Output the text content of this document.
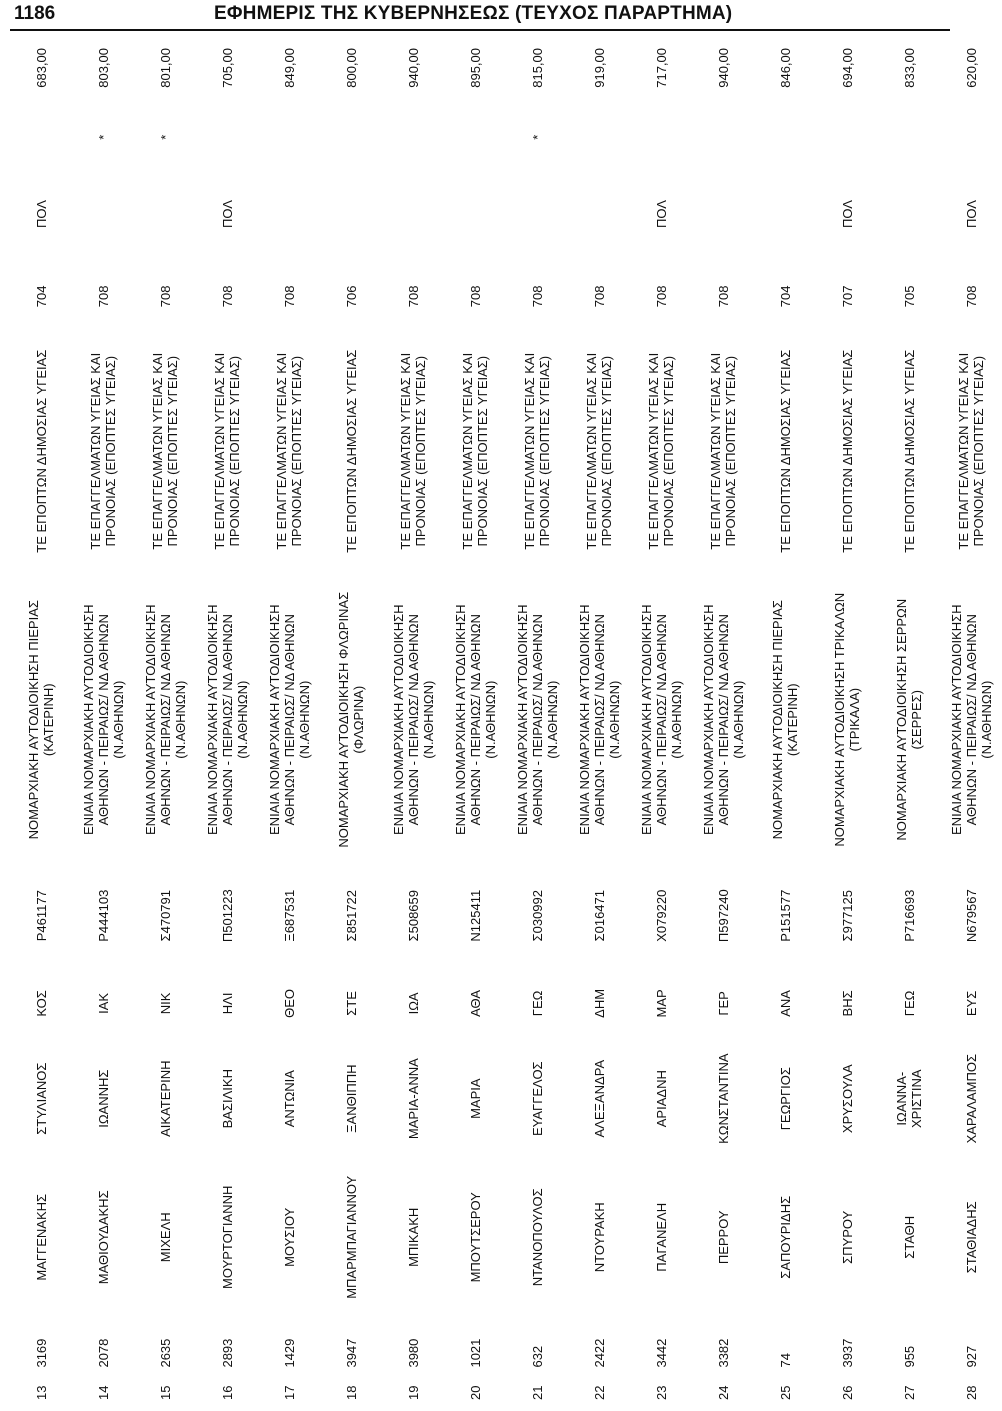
1186	ΕΦΗΜΕΡΙΣ ΤΗΣ ΚΥΒΕΡΝΗΣΕΩΣ (ΤΕΥΧΟΣ ΠΑΡΑΡΤΗΜΑ)
13	3169	ΜΑΓΓΕΝΑΚΗΣ	ΣΤΥΛΙΑΝΟΣ	ΚΟΣ	Ρ461177	ΝΟΜΑΡΧΙΑΚΗ ΑΥΤΟΔΙΟΙΚΗΣΗ ΠΙΕΡΙΑΣ (ΚΑΤΕΡΙΝΗ)	ΤΕ ΕΠΟΠΤΩΝ ΔΗΜΟΣΙΑΣ ΥΓΕΙΑΣ	704	ΠΟΛ		683,00
14	2078	ΜΑΘΙΟΥΔΑΚΗΣ	ΙΩΑΝΝΗΣ	ΙΑΚ	Ρ444103	ΕΝΙΑΙΑ ΝΟΜΑΡΧΙΑΚΗ ΑΥΤΟΔΙΟΙΚΗΣΗ ΑΘΗΝΩΝ - ΠΕΙΡΑΙΩΣ/ ΝΔ ΑΘΗΝΩΝ (Ν.ΑΘΗΝΩΝ)	ΤΕ ΕΠΑΓΓΕΛΜΑΤΩΝ ΥΓΕΙΑΣ ΚΑΙ ΠΡΟΝΟΙΑΣ (ΕΠΟΠΤΕΣ ΥΓΕΙΑΣ)	708		*	803,00
15	2635	ΜΙΧΕΛΗ	ΑΙΚΑΤΕΡΙΝΗ	ΝΙΚ	Σ470791	ΕΝΙΑΙΑ ΝΟΜΑΡΧΙΑΚΗ ΑΥΤΟΔΙΟΙΚΗΣΗ ΑΘΗΝΩΝ - ΠΕΙΡΑΙΩΣ/ ΝΔ ΑΘΗΝΩΝ (Ν.ΑΘΗΝΩΝ)	ΤΕ ΕΠΑΓΓΕΛΜΑΤΩΝ ΥΓΕΙΑΣ ΚΑΙ ΠΡΟΝΟΙΑΣ (ΕΠΟΠΤΕΣ ΥΓΕΙΑΣ)	708		*	801,00
16	2893	ΜΟΥΡΤΟΓΙΑΝΝΗ	ΒΑΣΙΛΙΚΗ	ΗΛΙ	Π501223	ΕΝΙΑΙΑ ΝΟΜΑΡΧΙΑΚΗ ΑΥΤΟΔΙΟΙΚΗΣΗ ΑΘΗΝΩΝ - ΠΕΙΡΑΙΩΣ/ ΝΔ ΑΘΗΝΩΝ (Ν.ΑΘΗΝΩΝ)	ΤΕ ΕΠΑΓΓΕΛΜΑΤΩΝ ΥΓΕΙΑΣ ΚΑΙ ΠΡΟΝΟΙΑΣ (ΕΠΟΠΤΕΣ ΥΓΕΙΑΣ)	708	ΠΟΛ		705,00
17	1429	ΜΟΥΣΙΟΥ	ΑΝΤΩΝΙΑ	ΘΕΟ	Ξ687531	ΕΝΙΑΙΑ ΝΟΜΑΡΧΙΑΚΗ ΑΥΤΟΔΙΟΙΚΗΣΗ ΑΘΗΝΩΝ - ΠΕΙΡΑΙΩΣ/ ΝΔ ΑΘΗΝΩΝ (Ν.ΑΘΗΝΩΝ)	ΤΕ ΕΠΑΓΓΕΛΜΑΤΩΝ ΥΓΕΙΑΣ ΚΑΙ ΠΡΟΝΟΙΑΣ (ΕΠΟΠΤΕΣ ΥΓΕΙΑΣ)	708			849,00
18	3947	ΜΠΑΡΜΠΑΓΙΑΝΝΟΥ	ΞΑΝΘΙΠΠΗ	ΣΤΕ	Σ851722	ΝΟΜΑΡΧΙΑΚΗ ΑΥΤΟΔΙΟΙΚΗΣΗ ΦΛΩΡΙΝΑΣ (ΦΛΩΡΙΝΑ)	ΤΕ ΕΠΟΠΤΩΝ ΔΗΜΟΣΙΑΣ ΥΓΕΙΑΣ	706			800,00
19	3980	ΜΠΙΚΑΚΗ	ΜΑΡΙΑ-ΑΝΝΑ	ΙΩΑ	Σ508659	ΕΝΙΑΙΑ ΝΟΜΑΡΧΙΑΚΗ ΑΥΤΟΔΙΟΙΚΗΣΗ ΑΘΗΝΩΝ - ΠΕΙΡΑΙΩΣ/ ΝΔ ΑΘΗΝΩΝ (Ν.ΑΘΗΝΩΝ)	ΤΕ ΕΠΑΓΓΕΛΜΑΤΩΝ ΥΓΕΙΑΣ ΚΑΙ ΠΡΟΝΟΙΑΣ (ΕΠΟΠΤΕΣ ΥΓΕΙΑΣ)	708			940,00
20	1021	ΜΠΟΥΤΣΕΡΟΥ	ΜΑΡΙΑ	ΑΘΑ	Ν125411	ΕΝΙΑΙΑ ΝΟΜΑΡΧΙΑΚΗ ΑΥΤΟΔΙΟΙΚΗΣΗ ΑΘΗΝΩΝ - ΠΕΙΡΑΙΩΣ/ ΝΔ ΑΘΗΝΩΝ (Ν.ΑΘΗΝΩΝ)	ΤΕ ΕΠΑΓΓΕΛΜΑΤΩΝ ΥΓΕΙΑΣ ΚΑΙ ΠΡΟΝΟΙΑΣ (ΕΠΟΠΤΕΣ ΥΓΕΙΑΣ)	708			895,00
21	632	ΝΤΑΝΟΠΟΥΛΟΣ	ΕΥΑΓΓΕΛΟΣ	ΓΕΩ	Σ030992	ΕΝΙΑΙΑ ΝΟΜΑΡΧΙΑΚΗ ΑΥΤΟΔΙΟΙΚΗΣΗ ΑΘΗΝΩΝ - ΠΕΙΡΑΙΩΣ/ ΝΔ ΑΘΗΝΩΝ (Ν.ΑΘΗΝΩΝ)	ΤΕ ΕΠΑΓΓΕΛΜΑΤΩΝ ΥΓΕΙΑΣ ΚΑΙ ΠΡΟΝΟΙΑΣ (ΕΠΟΠΤΕΣ ΥΓΕΙΑΣ)	708		*	815,00
22	2422	ΝΤΟΥΡΑΚΗ	ΑΛΕΞΑΝΔΡΑ	ΔΗΜ	Σ016471	ΕΝΙΑΙΑ ΝΟΜΑΡΧΙΑΚΗ ΑΥΤΟΔΙΟΙΚΗΣΗ ΑΘΗΝΩΝ - ΠΕΙΡΑΙΩΣ/ ΝΔ ΑΘΗΝΩΝ (Ν.ΑΘΗΝΩΝ)	ΤΕ ΕΠΑΓΓΕΛΜΑΤΩΝ ΥΓΕΙΑΣ ΚΑΙ ΠΡΟΝΟΙΑΣ (ΕΠΟΠΤΕΣ ΥΓΕΙΑΣ)	708			919,00
23	3442	ΠΑΓΑΝΕΛΗ	ΑΡΙΑΔΝΗ	ΜΑΡ	Χ079220	ΕΝΙΑΙΑ ΝΟΜΑΡΧΙΑΚΗ ΑΥΤΟΔΙΟΙΚΗΣΗ ΑΘΗΝΩΝ - ΠΕΙΡΑΙΩΣ/ ΝΔ ΑΘΗΝΩΝ (Ν.ΑΘΗΝΩΝ)	ΤΕ ΕΠΑΓΓΕΛΜΑΤΩΝ ΥΓΕΙΑΣ ΚΑΙ ΠΡΟΝΟΙΑΣ (ΕΠΟΠΤΕΣ ΥΓΕΙΑΣ)	708	ΠΟΛ		717,00
24	3382	ΠΕΡΡΟΥ	ΚΩΝΣΤΑΝΤΙΝΑ	ΓΕΡ	Π597240	ΕΝΙΑΙΑ ΝΟΜΑΡΧΙΑΚΗ ΑΥΤΟΔΙΟΙΚΗΣΗ ΑΘΗΝΩΝ - ΠΕΙΡΑΙΩΣ/ ΝΔ ΑΘΗΝΩΝ (Ν.ΑΘΗΝΩΝ)	ΤΕ ΕΠΑΓΓΕΛΜΑΤΩΝ ΥΓΕΙΑΣ ΚΑΙ ΠΡΟΝΟΙΑΣ (ΕΠΟΠΤΕΣ ΥΓΕΙΑΣ)	708			940,00
25	74	ΣΑΠΟΥΡΙΔΗΣ	ΓΕΩΡΓΙΟΣ	ΑΝΑ	Ρ151577	ΝΟΜΑΡΧΙΑΚΗ ΑΥΤΟΔΙΟΙΚΗΣΗ ΠΙΕΡΙΑΣ (ΚΑΤΕΡΙΝΗ)	ΤΕ ΕΠΟΠΤΩΝ ΔΗΜΟΣΙΑΣ ΥΓΕΙΑΣ	704			846,00
26	3937	ΣΠΥΡΟΥ	ΧΡΥΣΟΥΛΑ	ΒΗΣ	Σ977125	ΝΟΜΑΡΧΙΑΚΗ ΑΥΤΟΔΙΟΙΚΗΣΗ ΤΡΙΚΑΛΩΝ (ΤΡΙΚΑΛΑ)	ΤΕ ΕΠΟΠΤΩΝ ΔΗΜΟΣΙΑΣ ΥΓΕΙΑΣ	707	ΠΟΛ		694,00
27	955	ΣΤΑΘΗ	ΙΩΑΝΝΑ-ΧΡΙΣΤΙΝΑ	ΓΕΩ	Ρ716693	ΝΟΜΑΡΧΙΑΚΗ ΑΥΤΟΔΙΟΙΚΗΣΗ ΣΕΡΡΩΝ (ΣΕΡΡΕΣ)	ΤΕ ΕΠΟΠΤΩΝ ΔΗΜΟΣΙΑΣ ΥΓΕΙΑΣ	705			833,00
28	927	ΣΤΑΘΙΑΔΗΣ	ΧΑΡΑΛΑΜΠΟΣ	ΕΥΣ	Ν679567	ΕΝΙΑΙΑ ΝΟΜΑΡΧΙΑΚΗ ΑΥΤΟΔΙΟΙΚΗΣΗ ΑΘΗΝΩΝ - ΠΕΙΡΑΙΩΣ/ ΝΔ ΑΘΗΝΩΝ (Ν.ΑΘΗΝΩΝ)	ΤΕ ΕΠΑΓΓΕΛΜΑΤΩΝ ΥΓΕΙΑΣ ΚΑΙ ΠΡΟΝΟΙΑΣ (ΕΠΟΠΤΕΣ ΥΓΕΙΑΣ)	708	ΠΟΛ		620,00
